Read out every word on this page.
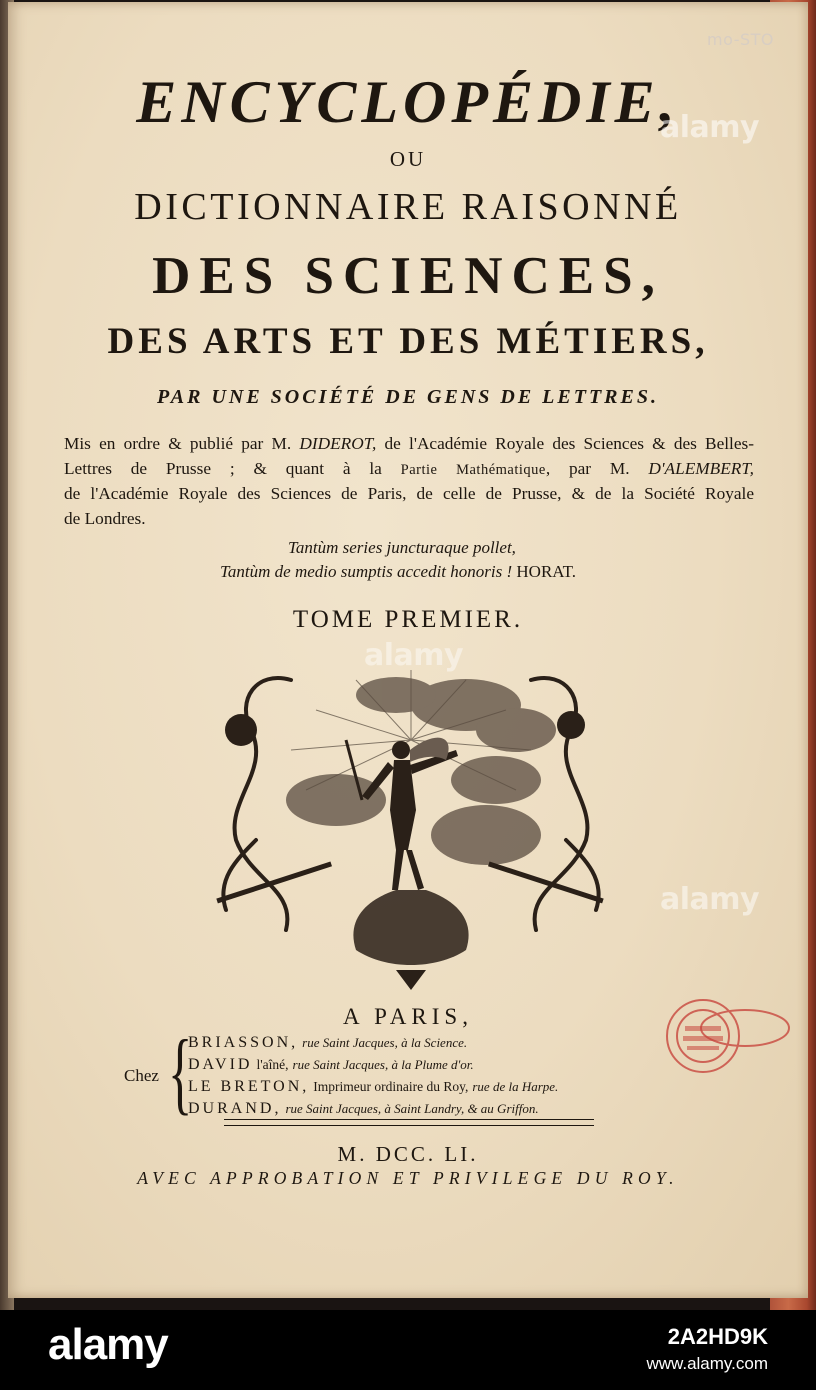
mo-STO
ENCYCLOPÉDIE,
OU
DICTIONNAIRE RAISONNÉ
DES SCIENCES,
DES ARTS ET DES MÉTIERS,
PAR UNE SOCIÉTÉ DE GENS DE LETTRES.
Mis en ordre & publié par M. DIDEROT, de l'Académie Royale des Sciences & des Belles-
Lettres de Prusse ; & quant à la Partie Mathématique, par M. D'ALEMBERT,
de l'Académie Royale des Sciences de Paris, de celle de Prusse, & de la Société Royale
de Londres.
Tantùm series juncturaque pollet,
Tantùm de medio sumptis accedit honoris ! HORAT.
TOME PREMIER.
A PARIS,
Chez {
BRIASSON, rue Saint Jacques, à la Science.
DAVID l'aîné, rue Saint Jacques, à la Plume d'or.
LE BRETON, Imprimeur ordinaire du Roy, rue de la Harpe.
DURAND, rue Saint Jacques, à Saint Landry, & au Griffon.
M. DCC. LI.
AVEC APPROBATION ET PRIVILEGE DU ROY.
alamy
alamy
alamy
alamy	2A2HD9K
www.alamy.com
